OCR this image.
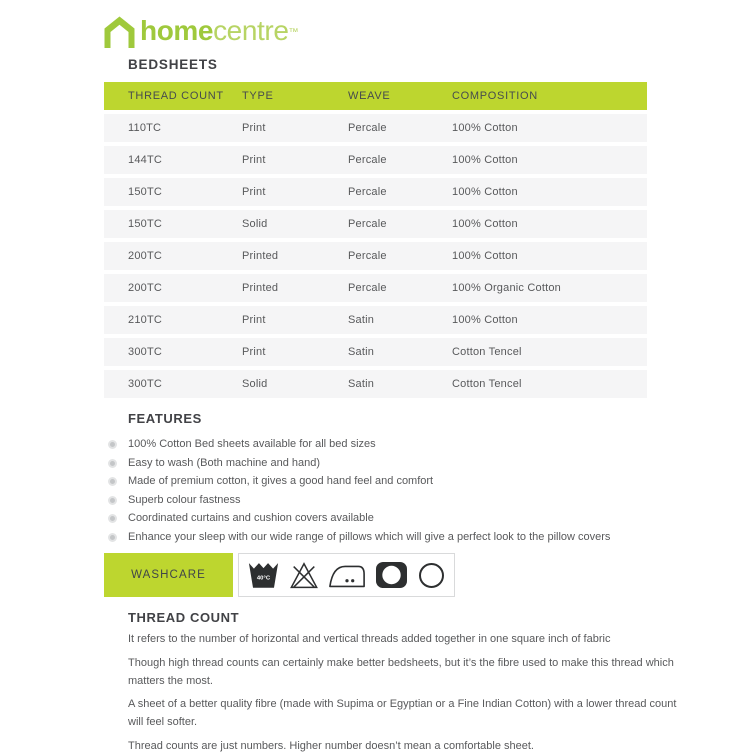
homecentre™
BEDSHEETS
THREAD COUNT	TYPE	WEAVE	COMPOSITION
110TC	Print	Percale	100% Cotton
144TC	Print	Percale	100% Cotton
150TC	Print	Percale	100% Cotton
150TC	Solid	Percale	100% Cotton
200TC	Printed	Percale	100% Cotton
200TC	Printed	Percale	100% Organic Cotton
210TC	Print	Satin	100% Cotton
300TC	Print	Satin	Cotton Tencel
300TC	Solid	Satin	Cotton Tencel
FEATURES
100% Cotton Bed sheets available for all bed sizes
Easy to wash (Both machine and hand)
Made of premium cotton, it gives a good hand feel and comfort
Superb colour fastness
Coordinated curtains and cushion covers available
Enhance your sleep with our wide range of pillows which will give a perfect look to the pillow covers
WASHCARE	40°C
THREAD COUNT

It refers to the number of horizontal and vertical threads added together in one square inch of fabric

Though high thread counts can certainly make better bedsheets, but it’s the fibre used to make this thread which matters the most.

A sheet of a better quality fibre (made with Supima or Egyptian or a Fine Indian Cotton) with a lower thread count will feel softer.

Thread counts are just numbers. Higher number doesn’t mean a comfortable sheet.
